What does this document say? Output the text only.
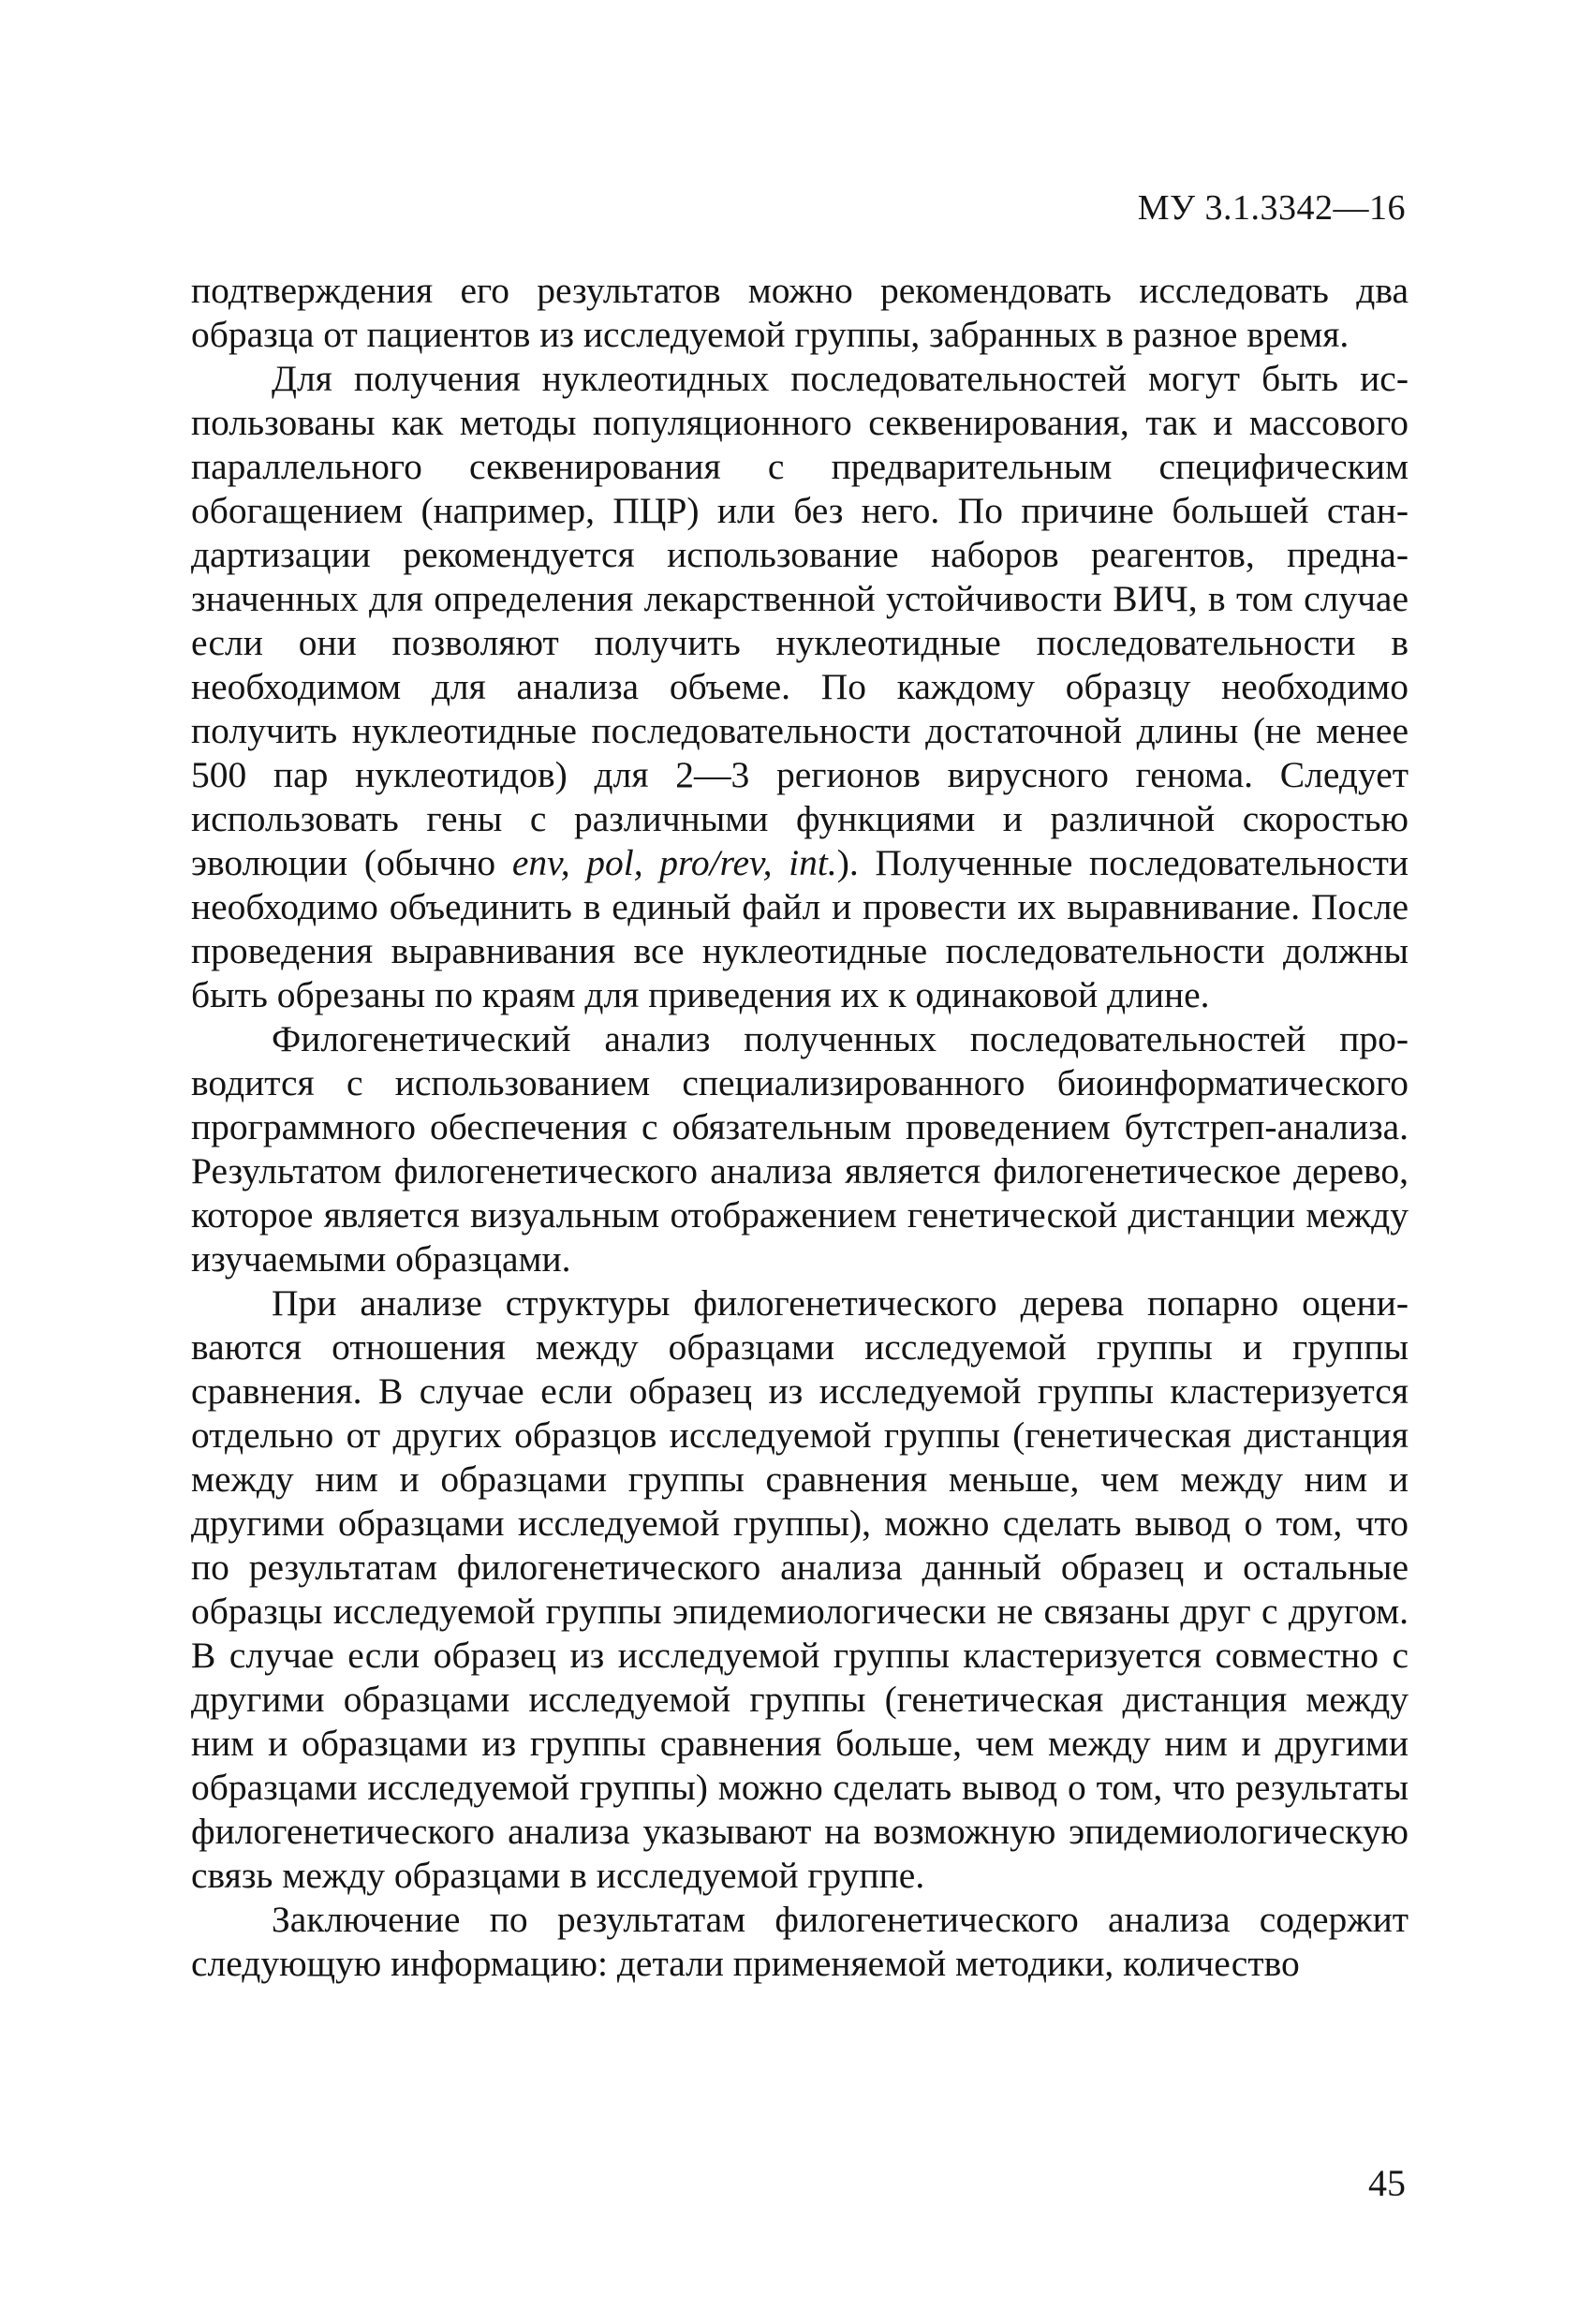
МУ 3.1.3342—16

подтверждения его результатов можно рекомендовать исследовать два образца от пациентов из исследуемой группы, забранных в разное время.

Для получения нуклеотидных последовательностей могут быть использованы как методы популяционного секвенирования, так и массового параллельного секвенирования с предварительным специфическим обогащением (например, ПЦР) или без него. По причине большей стандартизации рекомендуется использование наборов реагентов, предназначенных для определения лекарственной устойчивости ВИЧ, в том случае если они позволяют получить нуклеотидные последовательности в необходимом для анализа объеме. По каждому образцу необходимо получить нуклеотидные последовательности достаточной длины (не менее 500 пар нуклеотидов) для 2—3 регионов вирусного генома. Следует использовать гены с различными функциями и различной скоростью эволюции (обычно env, pol, pro/rev, int.). Полученные последовательности необходимо объединить в единый файл и провести их выравнивание. После проведения выравнивания все нуклеотидные последовательности должны быть обрезаны по краям для приведения их к одинаковой длине.

Филогенетический анализ полученных последовательностей проводится с использованием специализированного биоинформатического программного обеспечения с обязательным проведением бутстреп-анализа. Результатом филогенетического анализа является филогенетическое дерево, которое является визуальным отображением генетической дистанции между изучаемыми образцами.

При анализе структуры филогенетического дерева попарно оцениваются отношения между образцами исследуемой группы и группы сравнения. В случае если образец из исследуемой группы кластеризуется отдельно от других образцов исследуемой группы (генетическая дистанция между ним и образцами группы сравнения меньше, чем между ним и другими образцами исследуемой группы), можно сделать вывод о том, что по результатам филогенетического анализа данный образец и остальные образцы исследуемой группы эпидемиологически не связаны друг с другом. В случае если образец из исследуемой группы кластеризуется совместно с другими образцами исследуемой группы (генетическая дистанция между ним и образцами из группы сравнения больше, чем между ним и другими образцами исследуемой группы) можно сделать вывод о том, что результаты филогенетического анализа указывают на возможную эпидемиологическую связь между образцами в исследуемой группе.

Заключение по результатам филогенетического анализа содержит следующую информацию: детали применяемой методики, количество

45
